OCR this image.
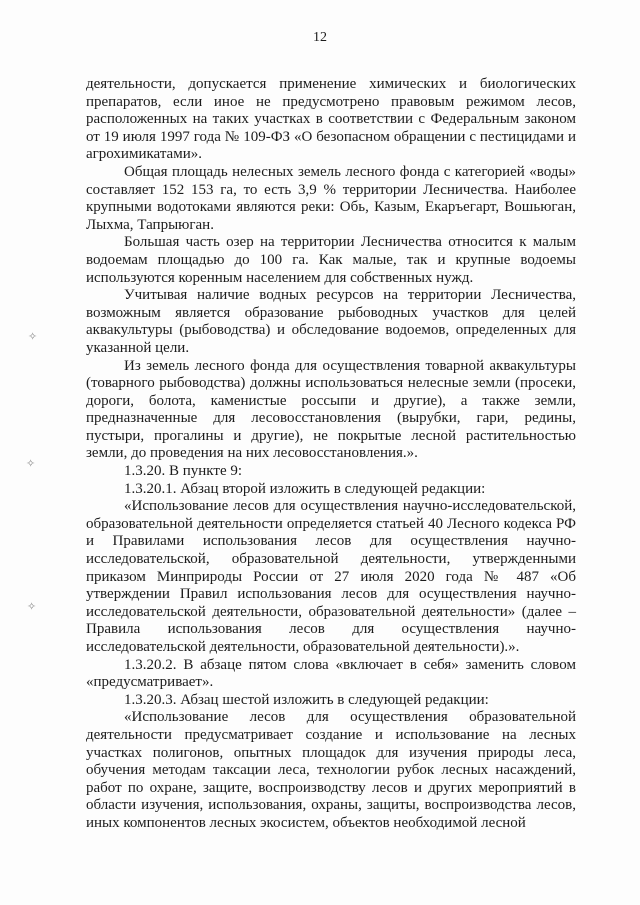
12
✧
✧
✧

деятельности, допускается применение химических и биологических препаратов, если иное не предусмотрено правовым режимом лесов, расположенных на таких участках в соответствии с Федеральным законом от 19 июля 1997 года № 109-ФЗ «О безопасном обращении с пестицидами и агрохимикатами».

Общая площадь нелесных земель лесного фонда с категорией «воды» составляет 152 153 га, то есть 3,9 % территории Лесничества. Наиболее крупными водотоками являются реки: Обь, Казым, Екаръегарт, Вошьюган, Лыхма, Тапрыюган.

Большая часть озер на территории Лесничества относится к малым водоемам площадью до 100 га. Как малые, так и крупные водоемы используются коренным населением для собственных нужд.

Учитывая наличие водных ресурсов на территории Лесничества, возможным является образование рыбоводных участков для целей аквакультуры (рыбоводства) и обследование водоемов, определенных для указанной цели.

Из земель лесного фонда для осуществления товарной аквакультуры (товарного рыбоводства) должны использоваться нелесные земли (просеки, дороги, болота, каменистые россыпи и другие), а также земли, предназначенные для лесовосстановления (вырубки, гари, редины, пустыри, прогалины и другие), не покрытые лесной растительностью земли, до проведения на них лесовосстановления.».

1.3.20. В пункте 9:

1.3.20.1. Абзац второй изложить в следующей редакции:

«Использование лесов для осуществления научно-исследовательской, образовательной деятельности определяется статьей 40 Лесного кодекса РФ и Правилами использования лесов для осуществления научно-исследовательской, образовательной деятельности, утвержденными приказом Минприроды России от 27 июля 2020 года № 487 «Об утверждении Правил использования лесов для осуществления научно-исследовательской деятельности, образовательной деятельности» (далее – Правила использования лесов для осуществления научно-исследовательской деятельности, образовательной деятельности).».

1.3.20.2. В абзаце пятом слова «включает в себя» заменить словом «предусматривает».

1.3.20.3. Абзац шестой изложить в следующей редакции:

«Использование лесов для осуществления образовательной деятельности предусматривает создание и использование на лесных участках полигонов, опытных площадок для изучения природы леса, обучения методам таксации леса, технологии рубок лесных насаждений, работ по охране, защите, воспроизводству лесов и других мероприятий в области изучения, использования, охраны, защиты, воспроизводства лесов, иных компонентов лесных экосистем, объектов необходимой лесной
